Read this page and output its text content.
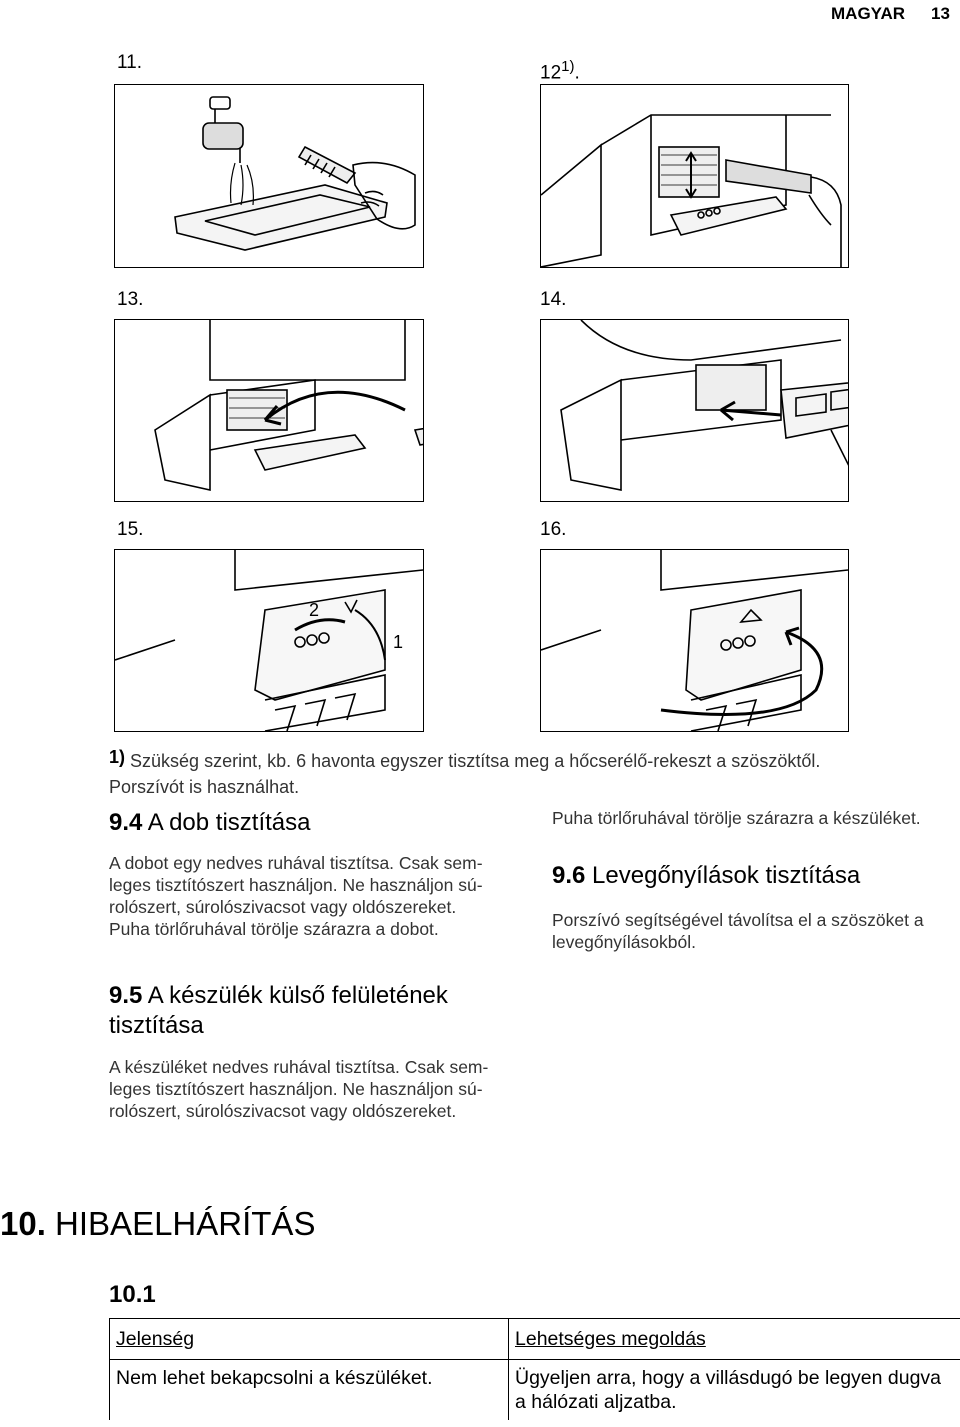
MAGYAR 13
11.	12$^{1)}$.
13.	14.
15.	16.
2
1
1) Szükség szerint, kb. 6 havonta egyszer tisztítsa meg a hőcserélő-rekeszt a szöszöktől. Porszívót is használhat.
9.4 A dob tisztítása
A dobot egy nedves ruhával tisztítsa. Csak sem-
leges tisztítószert használjon. Ne használjon sú-
rolószert, súrolószivacsot vagy oldószereket.
Puha törlőruhával törölje szárazra a dobot.
9.5 A készülék külső felületének
tisztítása
A készüléket nedves ruhával tisztítsa. Csak sem-
leges tisztítószert használjon. Ne használjon sú-
rolószert, súrolószivacsot vagy oldószereket.
Puha törlőruhával törölje szárazra a készüléket.
9.6 Levegőnyílások tisztítása
Porszívó segítségével távolítsa el a szöszöket a
levegőnyílásokból.
10. HIBAELHÁRÍTÁS
10.1
Jelenség	Lehetséges megoldás
Nem lehet bekapcsolni a készüléket.	Ügyeljen arra, hogy a villásdugó be legyen dugva
a hálózati aljzatba.
